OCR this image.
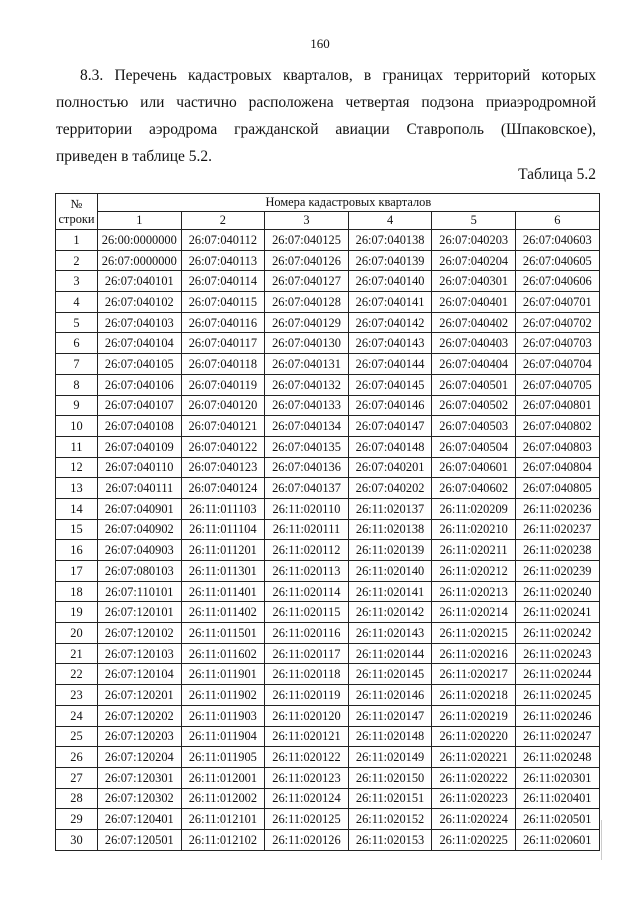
160

8.3. Перечень кадастровых кварталов, в границах территорий которых полностью или частично расположена четвертая подзона приаэродромной территории аэродрома гражданской авиации Ставрополь (Шпаковское), приведен в таблице 5.2.

Таблица 5.2
№
строки	Номера кадастровых кварталов					
	1	2	3	4	5	6
1	26:00:0000000	26:07:040112	26:07:040125	26:07:040138	26:07:040203	26:07:040603
2	26:07:0000000	26:07:040113	26:07:040126	26:07:040139	26:07:040204	26:07:040605
3	26:07:040101	26:07:040114	26:07:040127	26:07:040140	26:07:040301	26:07:040606
4	26:07:040102	26:07:040115	26:07:040128	26:07:040141	26:07:040401	26:07:040701
5	26:07:040103	26:07:040116	26:07:040129	26:07:040142	26:07:040402	26:07:040702
6	26:07:040104	26:07:040117	26:07:040130	26:07:040143	26:07:040403	26:07:040703
7	26:07:040105	26:07:040118	26:07:040131	26:07:040144	26:07:040404	26:07:040704
8	26:07:040106	26:07:040119	26:07:040132	26:07:040145	26:07:040501	26:07:040705
9	26:07:040107	26:07:040120	26:07:040133	26:07:040146	26:07:040502	26:07:040801
10	26:07:040108	26:07:040121	26:07:040134	26:07:040147	26:07:040503	26:07:040802
11	26:07:040109	26:07:040122	26:07:040135	26:07:040148	26:07:040504	26:07:040803
12	26:07:040110	26:07:040123	26:07:040136	26:07:040201	26:07:040601	26:07:040804
13	26:07:040111	26:07:040124	26:07:040137	26:07:040202	26:07:040602	26:07:040805
14	26:07:040901	26:11:011103	26:11:020110	26:11:020137	26:11:020209	26:11:020236
15	26:07:040902	26:11:011104	26:11:020111	26:11:020138	26:11:020210	26:11:020237
16	26:07:040903	26:11:011201	26:11:020112	26:11:020139	26:11:020211	26:11:020238
17	26:07:080103	26:11:011301	26:11:020113	26:11:020140	26:11:020212	26:11:020239
18	26:07:110101	26:11:011401	26:11:020114	26:11:020141	26:11:020213	26:11:020240
19	26:07:120101	26:11:011402	26:11:020115	26:11:020142	26:11:020214	26:11:020241
20	26:07:120102	26:11:011501	26:11:020116	26:11:020143	26:11:020215	26:11:020242
21	26:07:120103	26:11:011602	26:11:020117	26:11:020144	26:11:020216	26:11:020243
22	26:07:120104	26:11:011901	26:11:020118	26:11:020145	26:11:020217	26:11:020244
23	26:07:120201	26:11:011902	26:11:020119	26:11:020146	26:11:020218	26:11:020245
24	26:07:120202	26:11:011903	26:11:020120	26:11:020147	26:11:020219	26:11:020246
25	26:07:120203	26:11:011904	26:11:020121	26:11:020148	26:11:020220	26:11:020247
26	26:07:120204	26:11:011905	26:11:020122	26:11:020149	26:11:020221	26:11:020248
27	26:07:120301	26:11:012001	26:11:020123	26:11:020150	26:11:020222	26:11:020301
28	26:07:120302	26:11:012002	26:11:020124	26:11:020151	26:11:020223	26:11:020401
29	26:07:120401	26:11:012101	26:11:020125	26:11:020152	26:11:020224	26:11:020501
30	26:07:120501	26:11:012102	26:11:020126	26:11:020153	26:11:020225	26:11:020601
